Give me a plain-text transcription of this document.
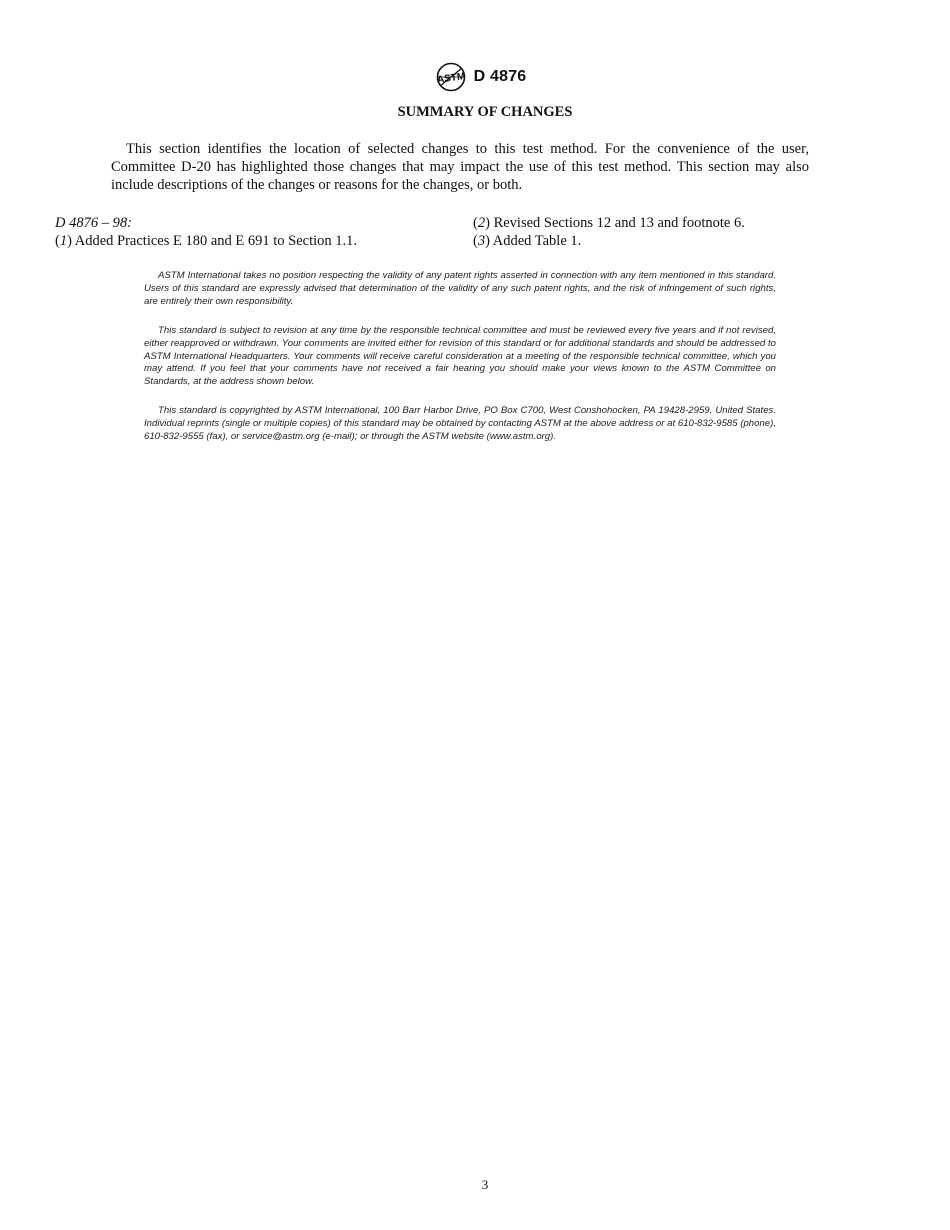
ASTM D 4876
SUMMARY OF CHANGES

This section identifies the location of selected changes to this test method. For the convenience of the user, Committee D-20 has highlighted those changes that may impact the use of this test method. This section may also include descriptions of the changes or reasons for the changes, or both.

D 4876 – 98:
(1) Added Practices E 180 and E 691 to Section 1.1.
(2) Revised Sections 12 and 13 and footnote 6.
(3) Added Table 1.

ASTM International takes no position respecting the validity of any patent rights asserted in connection with any item mentioned in this standard. Users of this standard are expressly advised that determination of the validity of any such patent rights, and the risk of infringement of such rights, are entirely their own responsibility.

This standard is subject to revision at any time by the responsible technical committee and must be reviewed every five years and if not revised, either reapproved or withdrawn. Your comments are invited either for revision of this standard or for additional standards and should be addressed to ASTM International Headquarters. Your comments will receive careful consideration at a meeting of the responsible technical committee, which you may attend. If you feel that your comments have not received a fair hearing you should make your views known to the ASTM Committee on Standards, at the address shown below.

This standard is copyrighted by ASTM International, 100 Barr Harbor Drive, PO Box C700, West Conshohocken, PA 19428-2959, United States. Individual reprints (single or multiple copies) of this standard may be obtained by contacting ASTM at the above address or at 610-832-9585 (phone), 610-832-9555 (fax), or service@astm.org (e-mail); or through the ASTM website (www.astm.org).

3
